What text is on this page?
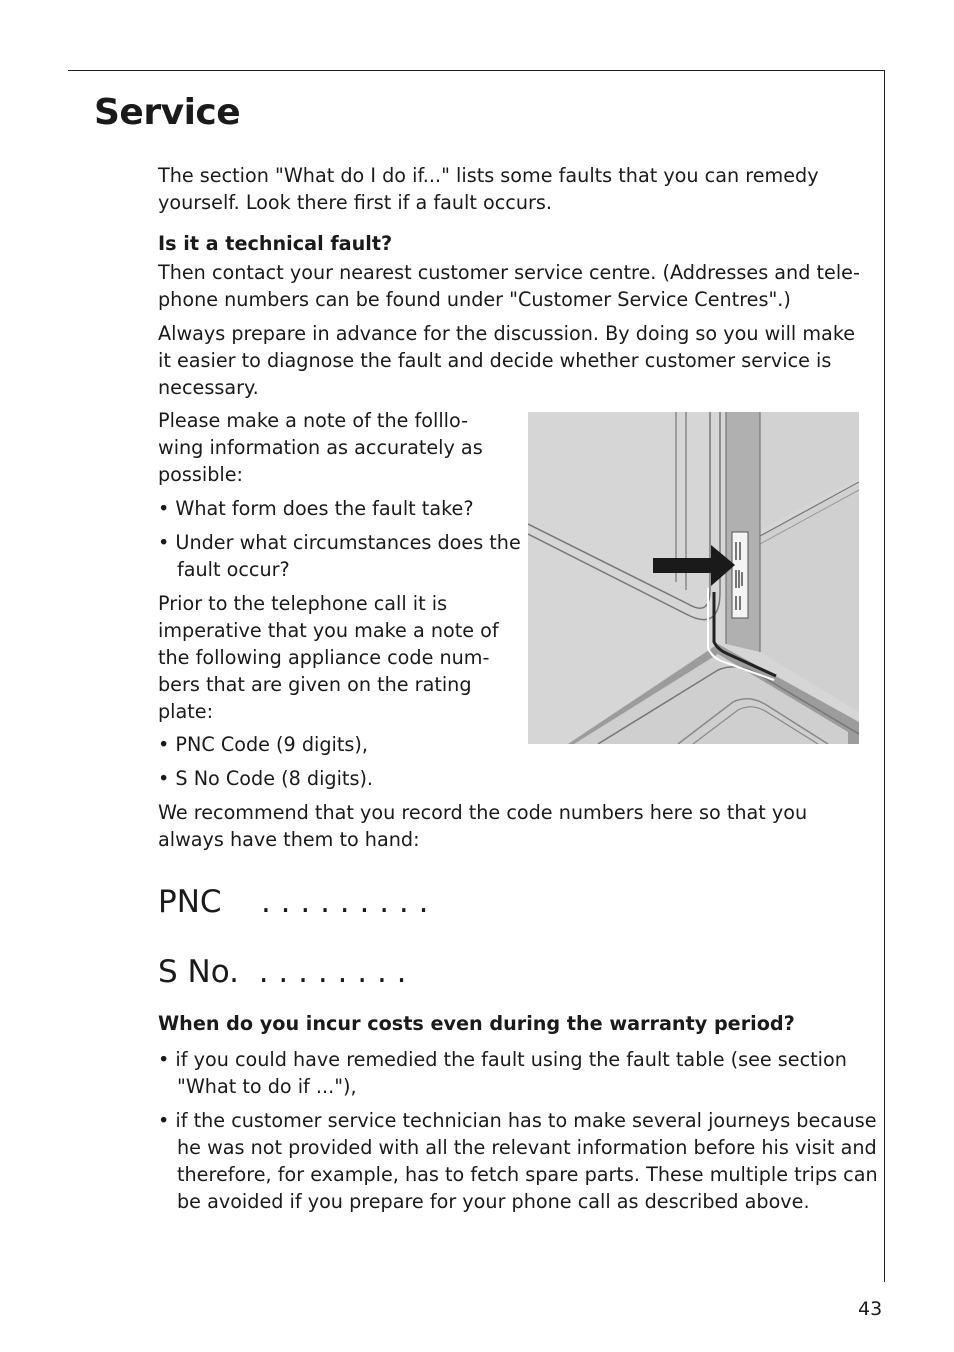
Service

The section "What do I do if..." lists some faults that you can remedy yourself. Look there first if a fault occurs.

Is it a technical fault?

Then contact your nearest customer service centre. (Addresses and tele-phone numbers can be found under "Customer Service Centres".)

Always prepare in advance for the discussion. By doing so you will make it easier to diagnose the fault and decide whether customer service is necessary.

Please make a note of the folllo-wing information as accurately as possible:

• What form does the fault take?

• Under what circumstances does the fault occur?

Prior to the telephone call it is imperative that you make a note of the following appliance code num-bers that are given on the rating plate:

• PNC Code (9 digits),

• S No Code (8 digits).

We recommend that you record the code numbers here so that you always have them to hand:

PNC    . . . . . . . . .

S No.  . . . . . . . .

When do you incur costs even during the warranty period?

• if you could have remedied the fault using the fault table (see section "What to do if ..."),

• if the customer service technician has to make several journeys because he was not provided with all the relevant information before his visit and therefore, for example, has to fetch spare parts. These multiple trips can be avoided if you prepare for your phone call as described above.

43
